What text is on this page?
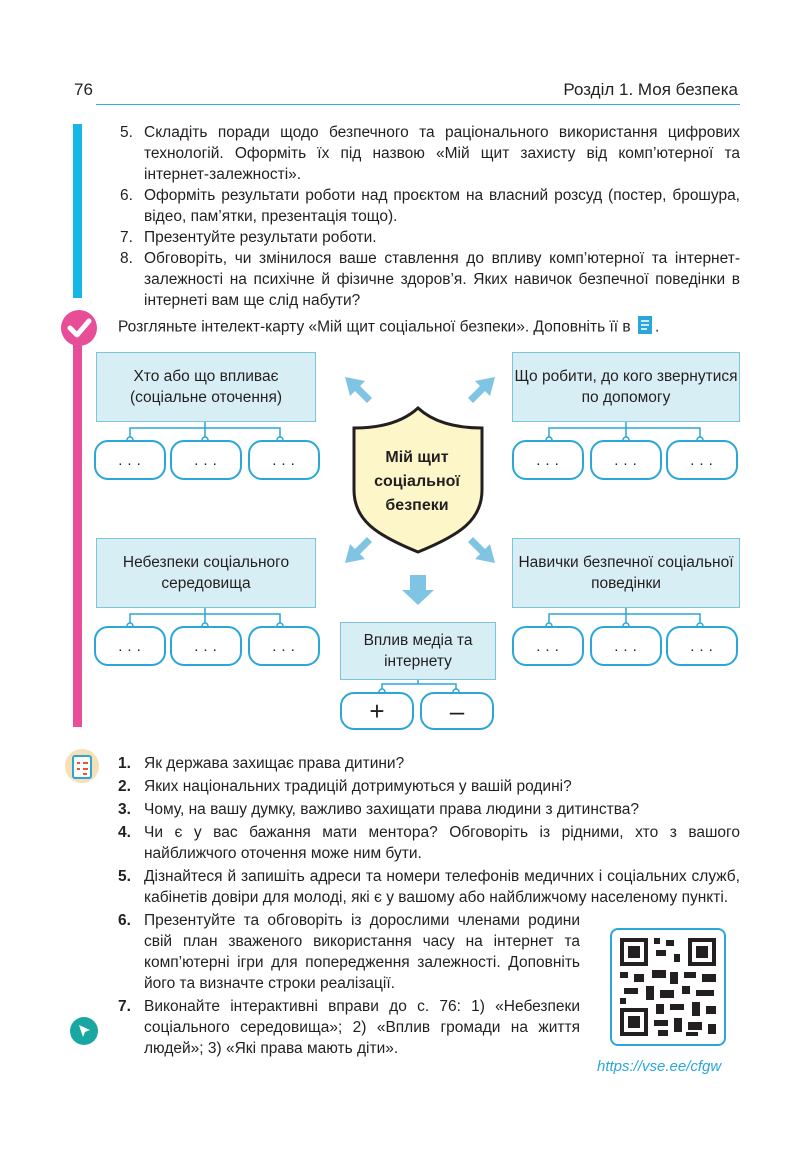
76	Розділ 1. Моя безпека
5. Складіть поради щодо безпечного та раціонального використання цифрових технологій. Оформіть їх під назвою «Мій щит захисту від комп’ютерної та інтернет-залежності».
6. Оформіть результати роботи над проєктом на власний розсуд (постер, брошура, відео, пам’ятки, презентація тощо).
7. Презентуйте результати роботи.
8. Обговоріть, чи змінилося ваше ставлення до впливу комп’ютерної та інтернет-залежності на психічне й фізичне здоров’я. Яких навичок безпечної поведінки в інтернеті вам ще слід набути?
Розгляньте інтелект-карту «Мій щит соціальної безпеки». Доповніть її в .
Мій щит соціальної безпеки
Хто або що впливає (соціальне оточення)
Що робити, до кого звернутися по допомогу
Небезпеки соціального середовища
Навички безпечної соціальної поведінки
Вплив медіа та інтернету
...	...	...	...	...	...
...	...	...	...	...	...
+	–
1. Як держава захищає права дитини?
2. Яких національних традицій дотримуються у вашій родині?
3. Чому, на вашу думку, важливо захищати права людини з дитинства?
4. Чи є у вас бажання мати ментора? Обговоріть із рідними, хто з вашого найближчого оточення може ним бути.
5. Дізнайтеся й запишіть адреси та номери телефонів медичних і соціальних служб, кабінетів довіри для молоді, які є у вашому або найближчому населеному пункті.
6. Презентуйте та обговоріть із дорослими членами родини свій план зваженого використання часу на інтернет та комп’ютерні ігри для попередження залежності. Доповніть його та визначте строки реалізації.
7. Виконайте інтерактивні вправи до с. 76: 1) «Небезпеки соціального середовища»; 2) «Вплив громади на життя людей»; 3) «Які права мають діти».
https://vse.ee/cfgw
